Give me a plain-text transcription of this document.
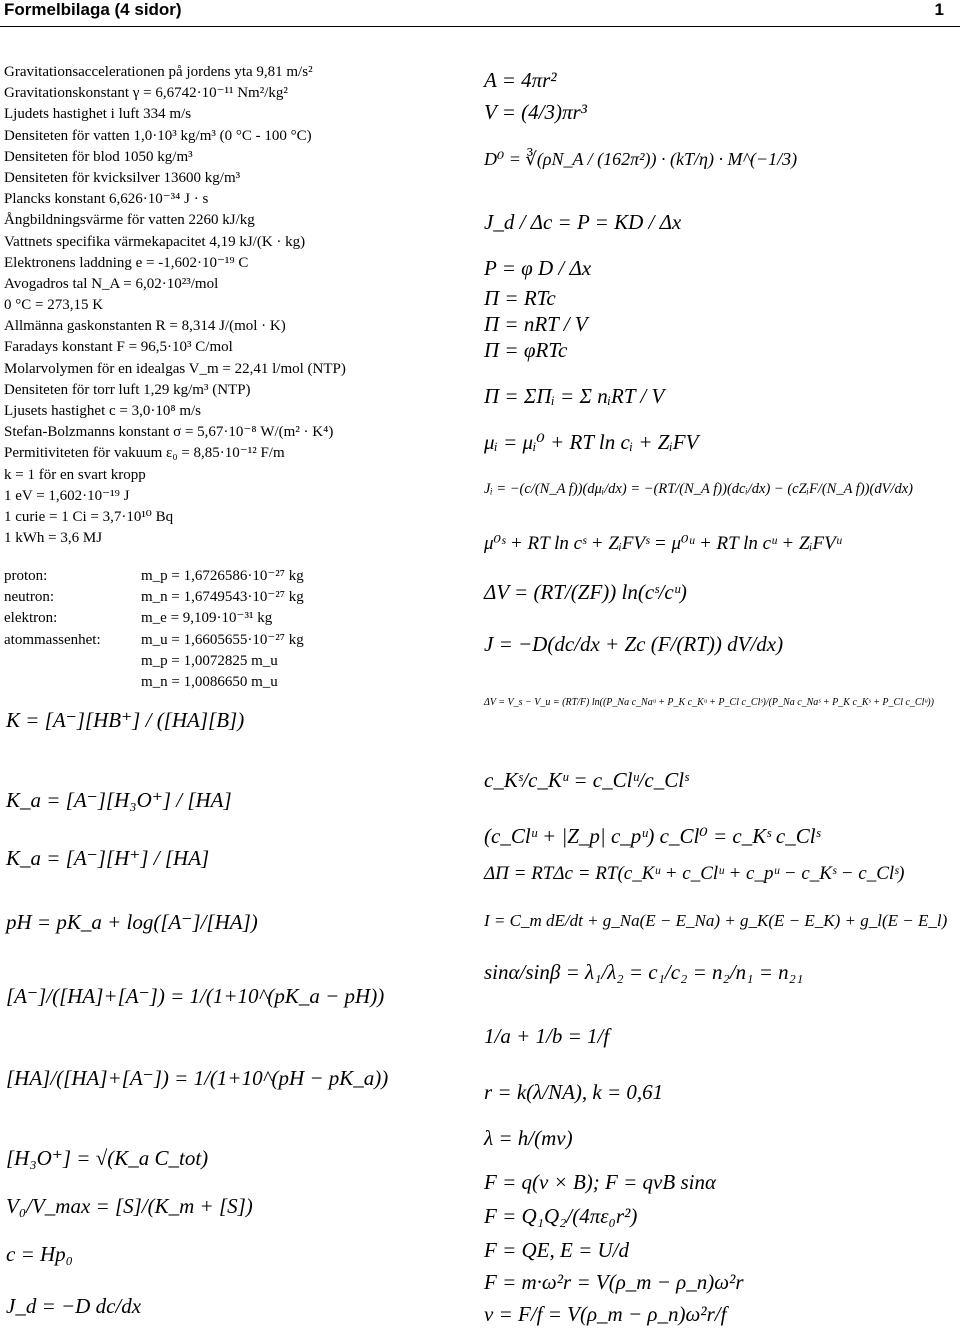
Formelbilaga (4 sidor)	1
Gravitationsaccelerationen på jordens yta 9,81 m/s²
Gravitationskonstant γ = 6,6742·10⁻¹¹ Nm²/kg²
Ljudets hastighet i luft 334 m/s
Densiteten för vatten 1,0·10³ kg/m³ (0 °C - 100 °C)
Densiteten för blod 1050 kg/m³
Densiteten för kvicksilver 13600 kg/m³
Plancks konstant 6,626·10⁻³⁴ J · s
Ångbildningsvärme för vatten 2260 kJ/kg
Vattnets specifika värmekapacitet 4,19 kJ/(K · kg)
Elektronens laddning e = -1,602·10⁻¹⁹ C
Avogadros tal N_A = 6,02·10²³/mol
0 °C = 273,15 K
Allmänna gaskonstanten R = 8,314 J/(mol · K)
Faradays konstant F = 96,5·10³ C/mol
Molarvolymen för en idealgas V_m = 22,41 l/mol (NTP)
Densiteten för torr luft 1,29 kg/m³ (NTP)
Ljusets hastighet c = 3,0·10⁸ m/s
Stefan-Bolzmanns konstant σ = 5,67·10⁻⁸ W/(m² · K⁴)
Permitiviteten för vakuum ε₀ = 8,85·10⁻¹² F/m
k = 1 för en svart kropp
1 eV = 1,602·10⁻¹⁹ J
1 curie = 1 Ci = 3,7·10¹⁰ Bq
1 kWh = 3,6 MJ
proton:	m_p = 1,6726586·10⁻²⁷ kg
neutron:	m_n = 1,6749543·10⁻²⁷ kg
elektron:	m_e = 9,109·10⁻³¹ kg
atommassenhet:	m_u = 1,6605655·10⁻²⁷ kg
m_p = 1,0072825 m_u
m_n = 1,0086650 m_u
K = [A⁻][HB⁺] / ([HA][B])
K_a = [A⁻][H₃O⁺] / [HA]
K_a = [A⁻][H⁺] / [HA]
pH = pK_a + log([A⁻]/[HA])
[A⁻]/([HA]+[A⁻]) = 1/(1+10^(pK_a − pH))
[HA]/([HA]+[A⁻]) = 1/(1+10^(pH − pK_a))
[H₃O⁺] = √(K_a C_tot)
V₀/V_max = [S]/(K_m + [S])
c = Hp₀
J_d = −D dc/dx
A = 4πr²
V = (4/3)πr³
D⁰ = ∛(ρN_A / (162π²)) · (kT/η) · M^(−1/3)
J_d / Δc = P = KD / Δx
P = φ D / Δx
Π = RTc
Π = nRT / V
Π = φRTc
Π = ΣΠᵢ = Σ nᵢRT / V
μᵢ = μᵢ⁰ + RT ln cᵢ + ZᵢFV
Jᵢ = −(c/(N_A f))(dμᵢ/dx) = −(RT/(N_A f))(dcᵢ/dx) − (cZᵢF/(N_A f))(dV/dx)
μ⁰ˢ + RT ln cˢ + ZᵢFVˢ = μ⁰ᵘ + RT ln cᵘ + ZᵢFVᵘ
ΔV = (RT/(ZF)) ln(cˢ/cᵘ)
J = −D(dc/dx + Zc (F/(RT)) dV/dx)
ΔV = V_s − V_u = (RT/F) ln((P_Na c_Naᵘ + P_K c_Kᵘ + P_Cl c_Clˢ)/(P_Na c_Naˢ + P_K c_Kˢ + P_Cl c_Clᵘ))
c_Kˢ/c_Kᵘ = c_Clᵘ/c_Clˢ
(c_Clᵘ + |Z_p| c_pᵘ) c_Cl⁰ = c_Kˢ c_Clˢ
ΔΠ = RTΔc = RT(c_Kᵘ + c_Clᵘ + c_pᵘ − c_Kˢ − c_Clˢ)
I = C_m dE/dt + g_Na(E − E_Na) + g_K(E − E_K) + g_l(E − E_l)
sinα/sinβ = λ₁/λ₂ = c₁/c₂ = n₂/n₁ = n₂₁
1/a + 1/b = 1/f
r = k(λ/NA), k = 0,61
λ = h/(mv)
F = q(v × B); F = qvB sinα
F = Q₁Q₂/(4πε₀r²)
F = QE, E = U/d
F = m·ω²r = V(ρ_m − ρ_n)ω²r
v = F/f = V(ρ_m − ρ_n)ω²r/f
